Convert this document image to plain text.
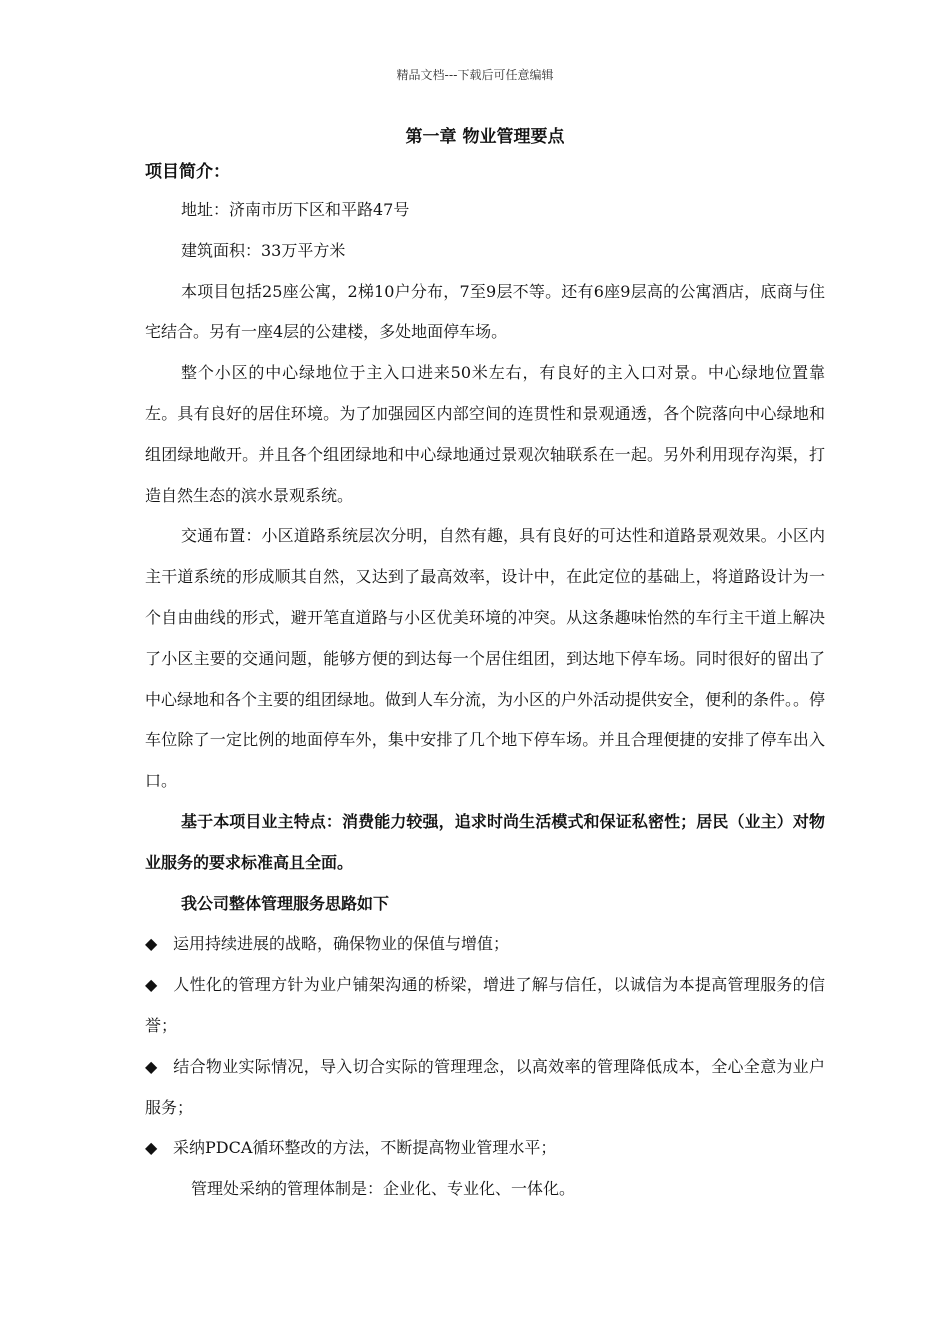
精品文档---下载后可任意编辑
第一章 物业管理要点
项目简介：

地址：济南市历下区和平路47号

建筑面积：33万平方米

本项目包括25座公寓，2梯10户分布，7至9层不等。还有6座9层高的公寓酒店，底商与住宅结合。另有一座4层的公建楼，多处地面停车场。

整个小区的中心绿地位于主入口进来50米左右，有良好的主入口对景。中心绿地位置靠左。具有良好的居住环境。为了加强园区内部空间的连贯性和景观通透，各个院落向中心绿地和组团绿地敞开。并且各个组团绿地和中心绿地通过景观次轴联系在一起。另外利用现存沟渠，打造自然生态的滨水景观系统。

交通布置：小区道路系统层次分明，自然有趣，具有良好的可达性和道路景观效果。小区内主干道系统的形成顺其自然，又达到了最高效率，设计中，在此定位的基础上，将道路设计为一个自由曲线的形式，避开笔直道路与小区优美环境的冲突。从这条趣味怡然的车行主干道上解决了小区主要的交通问题，能够方便的到达每一个居住组团，到达地下停车场。同时很好的留出了中心绿地和各个主要的组团绿地。做到人车分流，为小区的户外活动提供安全，便利的条件。。停车位除了一定比例的地面停车外，集中安排了几个地下停车场。并且合理便捷的安排了停车出入口。

基于本项目业主特点：消费能力较强，追求时尚生活模式和保证私密性；居民（业主）对物业服务的要求标准高且全面。

我公司整体管理服务思路如下

◆ 运用持续进展的战略，确保物业的保值与增值；

◆ 人性化的管理方针为业户铺架沟通的桥梁，增进了解与信任，以诚信为本提高管理服务的信誉；

◆ 结合物业实际情况，导入切合实际的管理理念，以高效率的管理降低成本，全心全意为业户服务；

◆ 采纳PDCA循环整改的方法，不断提高物业管理水平；

管理处采纳的管理体制是：企业化、专业化、一体化。
